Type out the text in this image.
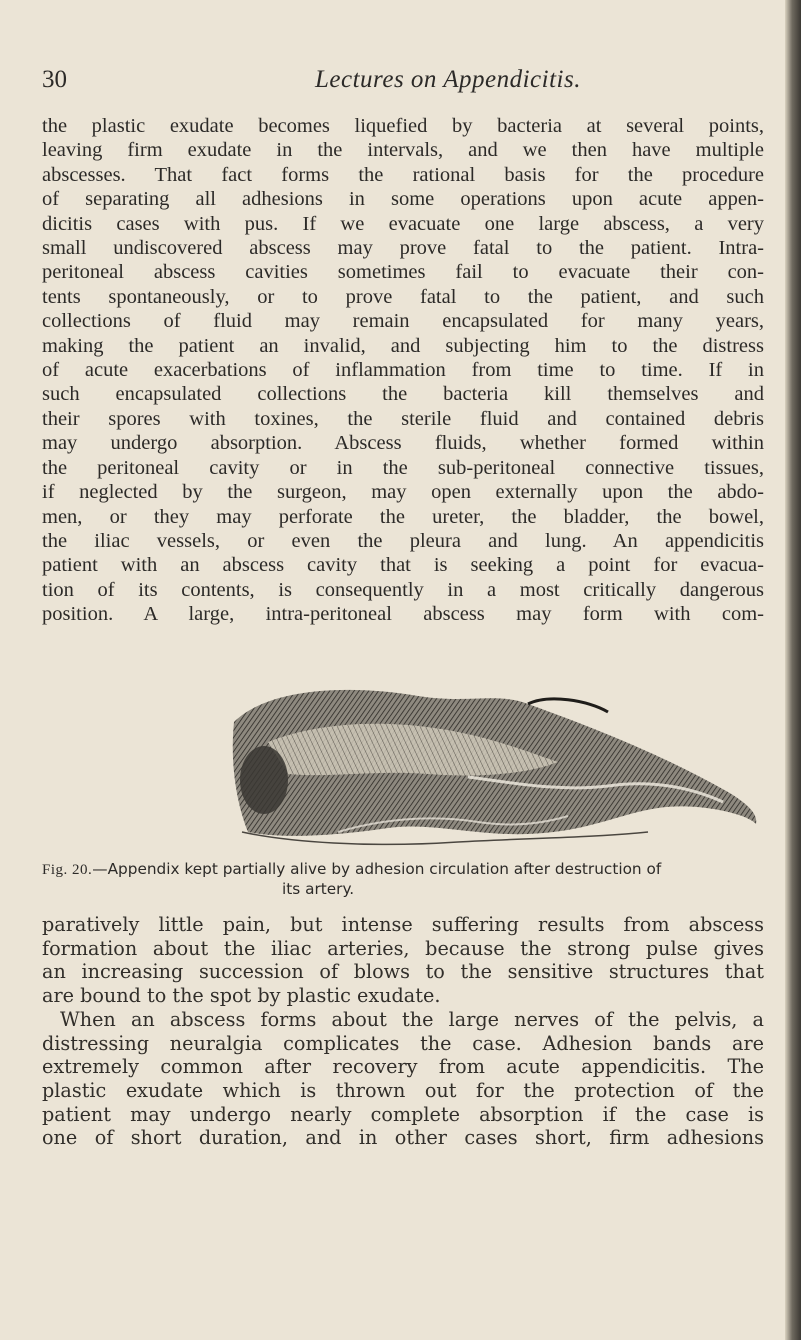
30	Lectures on Appendicitis.
the plastic exudate becomes liquefied by bacteria at several points,
leaving firm exudate in the intervals, and we then have multiple
abscesses. That fact forms the rational basis for the procedure
of separating all adhesions in some operations upon acute appen-
dicitis cases with pus. If we evacuate one large abscess, a very
small undiscovered abscess may prove fatal to the patient. Intra-
peritoneal abscess cavities sometimes fail to evacuate their con-
tents spontaneously, or to prove fatal to the patient, and such
collections of fluid may remain encapsulated for many years,
making the patient an invalid, and subjecting him to the distress
of acute exacerbations of inflammation from time to time. If in
such encapsulated collections the bacteria kill themselves and
their spores with toxines, the sterile fluid and contained debris
may undergo absorption. Abscess fluids, whether formed within
the peritoneal cavity or in the sub-peritoneal connective tissues,
if neglected by the surgeon, may open externally upon the abdo-
men, or they may perforate the ureter, the bladder, the bowel,
the iliac vessels, or even the pleura and lung. An appendicitis
patient with an abscess cavity that is seeking a point for evacua-
tion of its contents, is consequently in a most critically dangerous
position. A large, intra-peritoneal abscess may form with com-
Fig. 20.—Appendix kept partially alive by adhesion circulation after destruction of
its artery.
paratively little pain, but intense suffering results from abscess
formation about the iliac arteries, because the strong pulse gives
an increasing succession of blows to the sensitive structures that
are bound to the spot by plastic exudate.
When an abscess forms about the large nerves of the pelvis, a
distressing neuralgia complicates the case. Adhesion bands are
extremely common after recovery from acute appendicitis. The
plastic exudate which is thrown out for the protection of the
patient may undergo nearly complete absorption if the case is
one of short duration, and in other cases short, firm adhesions
